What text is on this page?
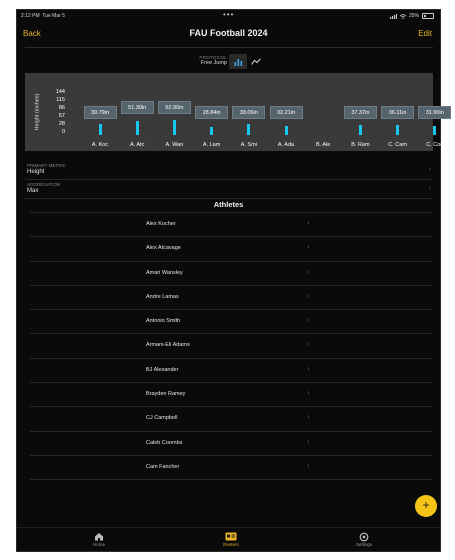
2:12 PM Tue Mar 5	•••	25%
Back	FAU Football 2024	Edit
PROTOCOL
Free Jump
Height (inches)
144
115
86
57
28
0
A. Koc
39.79in
A. Atc
51.30in
A. Wan
52.90in
A. Lam
28.84in
A. Smi
38.06in
A. Ada
32.21in
B. Ale	B. Ram
37.37in
C. Cam
36.11in
C. Coo
31.90in
PRIMARY METRIC
Height	›
AGGREGATION
Max	›
Athletes
Alex Kocher	›
Alex Atcavage	›
Amari Wansley	›
Andre Lamas	›
Antonio Smith	›
Armani-Eli Adams	›
BJ Alexander	›
Brayden Ramey	›
CJ Campbell	›
Caleb Coombs	›
Cam Fancher	›
+
Home	Rosters	Settings
